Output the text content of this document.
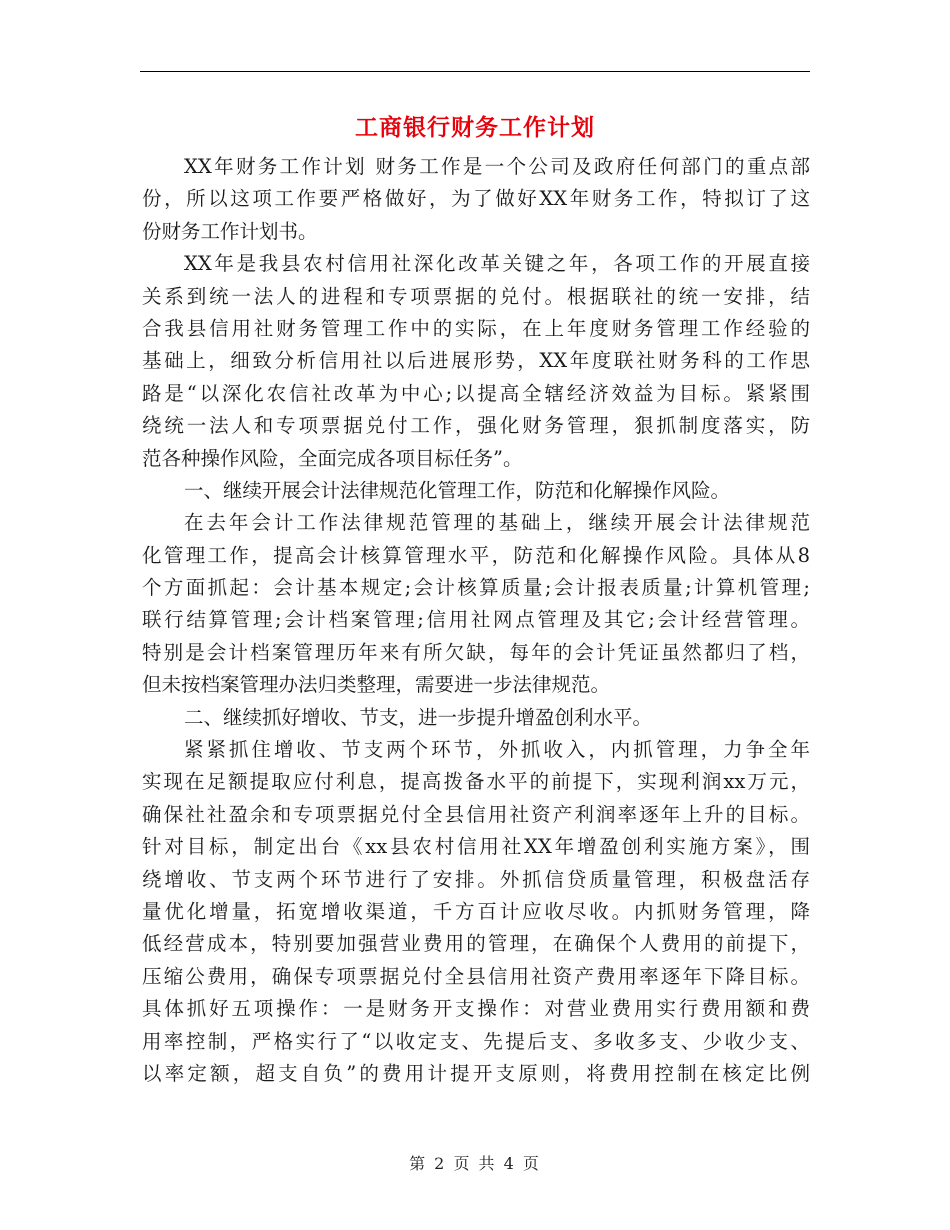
工商银行财务工作计划
XX年财务工作计划 财务工作是一个公司及政府任何部门的重点部
份，所以这项工作要严格做好，为了做好XX年财务工作，特拟订了这
份财务工作计划书。
XX年是我县农村信用社深化改革关键之年，各项工作的开展直接
关系到统一法人的进程和专项票据的兑付。根据联社的统一安排，结
合我县信用社财务管理工作中的实际，在上年度财务管理工作经验的
基础上，细致分析信用社以后进展形势，XX年度联社财务科的工作思
路是“以深化农信社改革为中心;以提高全辖经济效益为目标。紧紧围
绕统一法人和专项票据兑付工作，强化财务管理，狠抓制度落实，防
范各种操作风险，全面完成各项目标任务”。
一、继续开展会计法律规范化管理工作，防范和化解操作风险。
在去年会计工作法律规范管理的基础上，继续开展会计法律规范
化管理工作，提高会计核算管理水平，防范和化解操作风险。具体从8
个方面抓起：会计基本规定;会计核算质量;会计报表质量;计算机管理;
联行结算管理;会计档案管理;信用社网点管理及其它;会计经营管理。
特别是会计档案管理历年来有所欠缺，每年的会计凭证虽然都归了档，
但未按档案管理办法归类整理，需要进一步法律规范。
二、继续抓好增收、节支，进一步提升增盈创利水平。
紧紧抓住增收、节支两个环节，外抓收入，内抓管理，力争全年
实现在足额提取应付利息，提高拨备水平的前提下，实现利润xx万元，
确保社社盈余和专项票据兑付全县信用社资产利润率逐年上升的目标。
针对目标，制定出台《xx县农村信用社XX年增盈创利实施方案》，围
绕增收、节支两个环节进行了安排。外抓信贷质量管理，积极盘活存
量优化增量，拓宽增收渠道，千方百计应收尽收。内抓财务管理，降
低经营成本，特别要加强营业费用的管理，在确保个人费用的前提下，
压缩公费用，确保专项票据兑付全县信用社资产费用率逐年下降目标。
具体抓好五项操作：一是财务开支操作：对营业费用实行费用额和费
用率控制，严格实行了“以收定支、先提后支、多收多支、少收少支、
以率定额，超支自负”的费用计提开支原则，将费用控制在核定比例
第 2 页 共 4 页
